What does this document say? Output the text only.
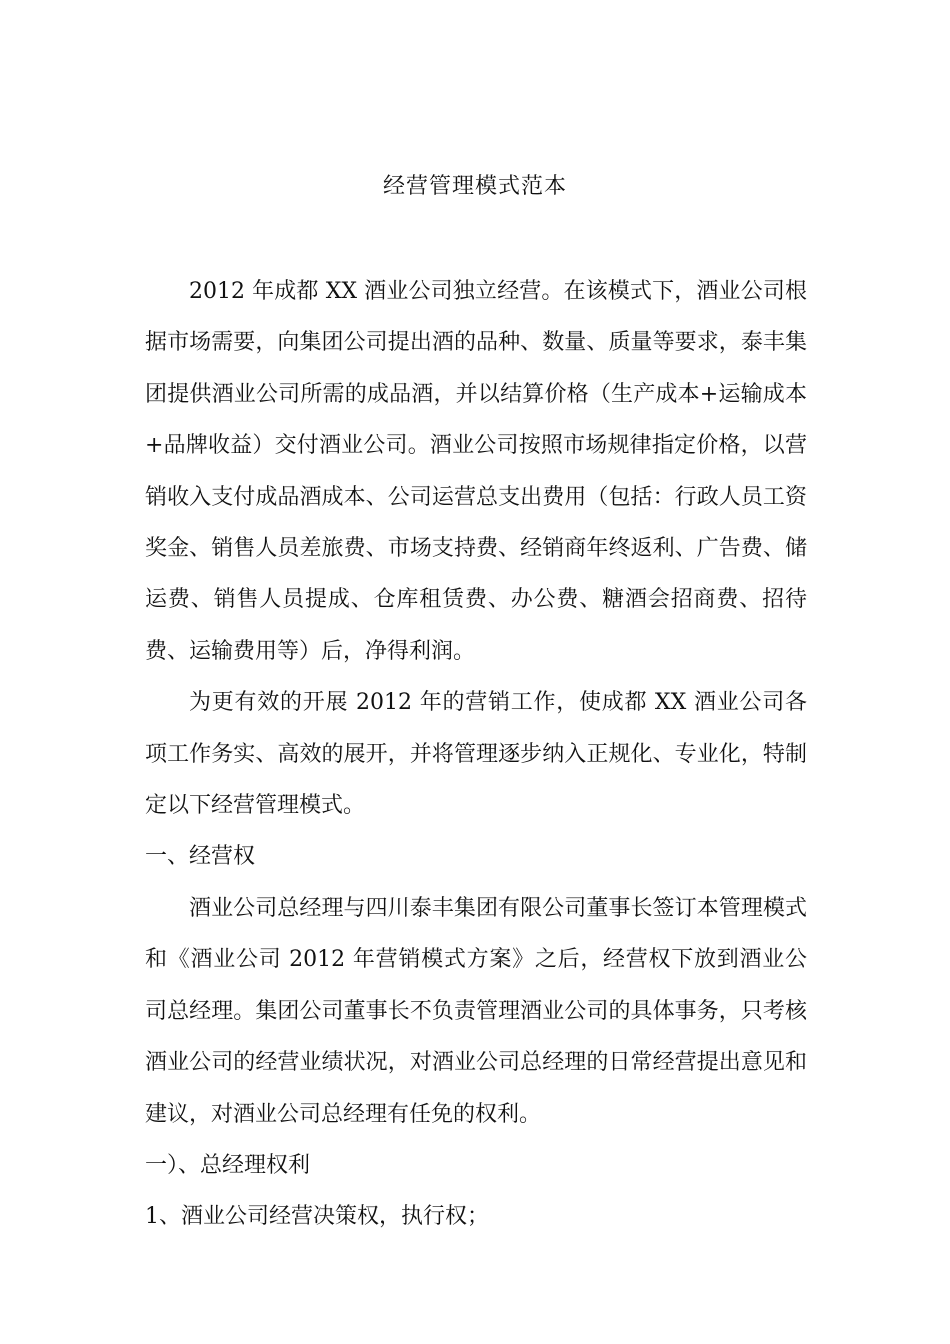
经营管理模式范本

2012 年成都 XX 酒业公司独立经营。在该模式下，酒业公司根据市场需要，向集团公司提出酒的品种、数量、质量等要求，泰丰集团提供酒业公司所需的成品酒，并以结算价格（生产成本+运输成本+品牌收益）交付酒业公司。酒业公司按照市场规律指定价格，以营销收入支付成品酒成本、公司运营总支出费用（包括：行政人员工资奖金、销售人员差旅费、市场支持费、经销商年终返利、广告费、储运费、销售人员提成、仓库租赁费、办公费、糖酒会招商费、招待费、运输费用等）后，净得利润。

为更有效的开展 2012 年的营销工作，使成都 XX 酒业公司各项工作务实、高效的展开，并将管理逐步纳入正规化、专业化，特制定以下经营管理模式。

一、经营权

酒业公司总经理与四川泰丰集团有限公司董事长签订本管理模式和《酒业公司 2012 年营销模式方案》之后，经营权下放到酒业公司总经理。集团公司董事长不负责管理酒业公司的具体事务，只考核酒业公司的经营业绩状况，对酒业公司总经理的日常经营提出意见和建议，对酒业公司总经理有任免的权利。

一）、总经理权利

1、酒业公司经营决策权，执行权；
